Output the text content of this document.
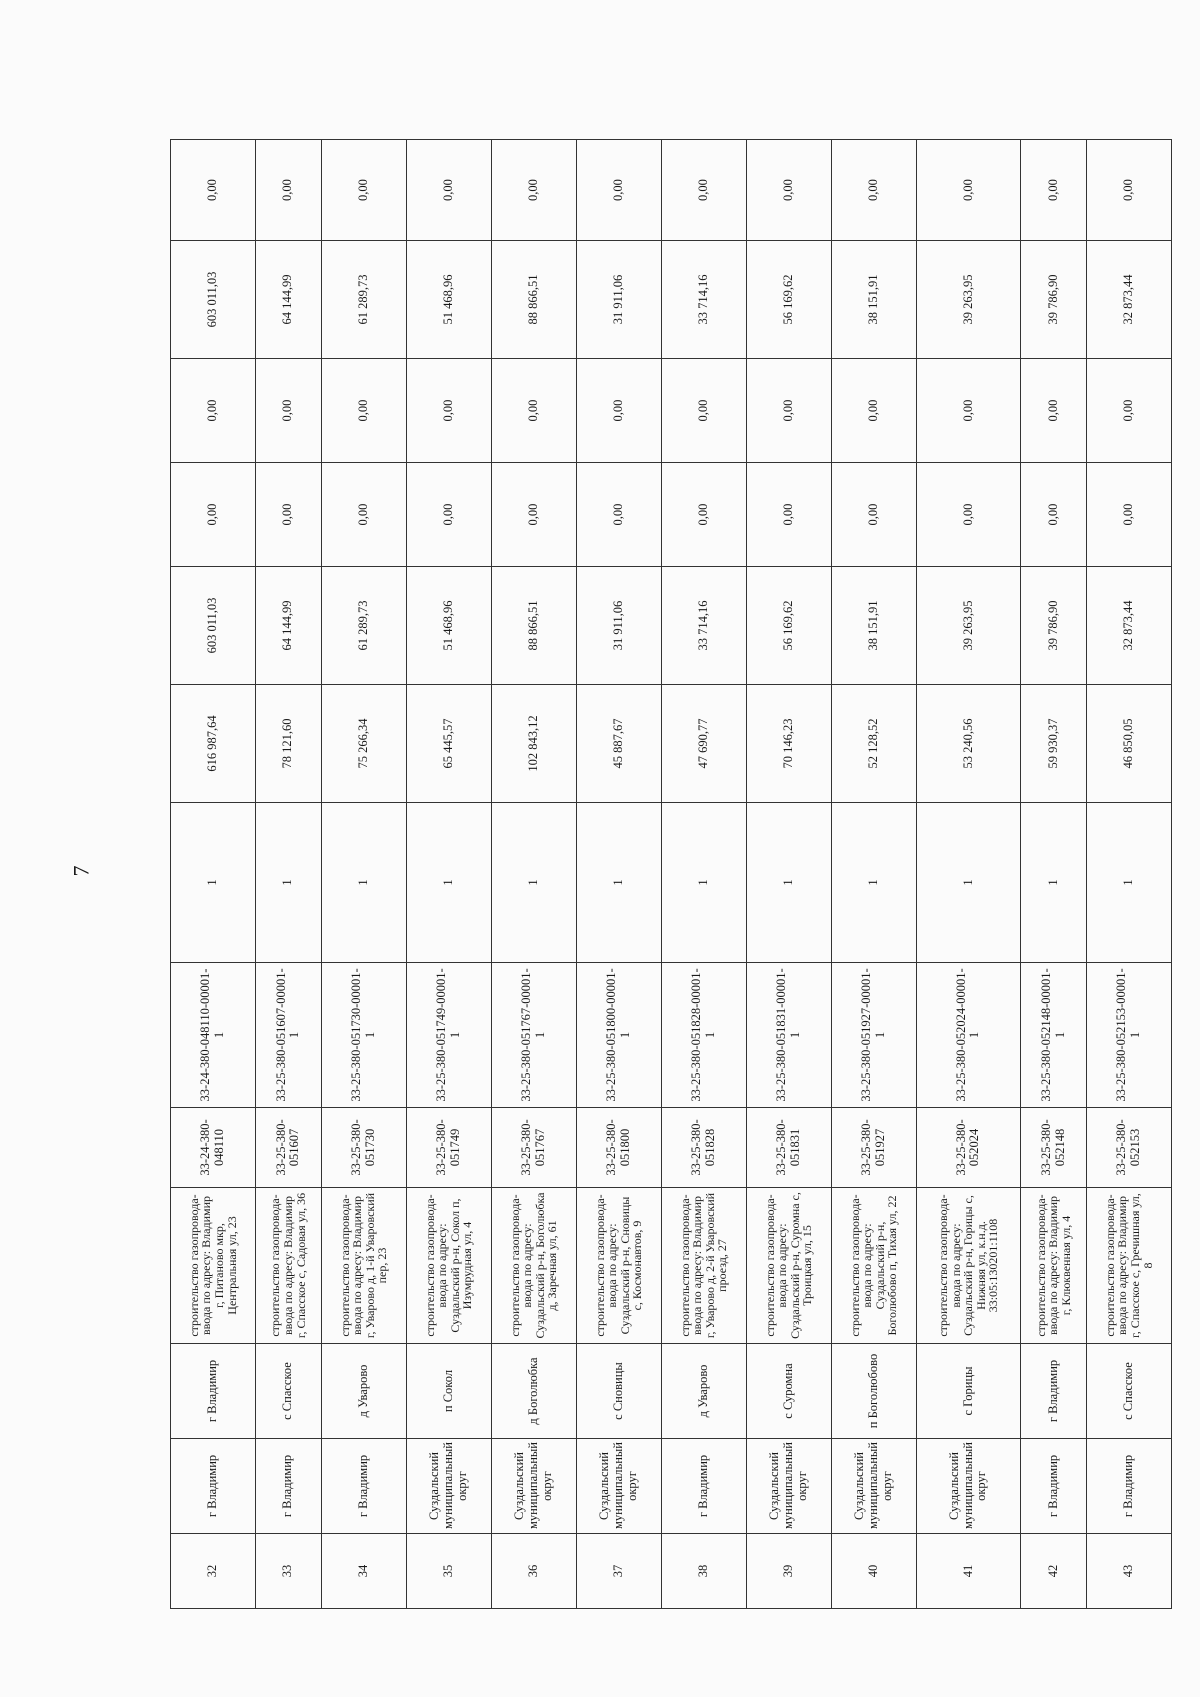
7
32	г Владимир	г Владимир	строительство газопровода-ввода по адресу: Владимир г, Питаново мкр, Центральная ул, 23	33-24-380-048110	33-24-380-048110-00001-1	1	616 987,64	603 011,03	0,00	0,00	603 011,03	0,00
33	г Владимир	с Спасское	строительство газопровода-ввода по адресу: Владимир г, Спасское с, Садовая ул, 36	33-25-380-051607	33-25-380-051607-00001-1	1	78 121,60	64 144,99	0,00	0,00	64 144,99	0,00
34	г Владимир	д Уварово	строительство газопровода-ввода по адресу: Владимир г, Уварово д, 1-й Уваровский пер, 23	33-25-380-051730	33-25-380-051730-00001-1	1	75 266,34	61 289,73	0,00	0,00	61 289,73	0,00
35	Суздальский муниципальный округ	п Сокол	строительство газопровода-ввода по адресу: Суздальский р-н, Сокол п, Изумрудная ул, 4	33-25-380-051749	33-25-380-051749-00001-1	1	65 445,57	51 468,96	0,00	0,00	51 468,96	0,00
36	Суздальский муниципальный округ	д Боголюбка	строительство газопровода-ввода по адресу: Суздальский р-н, Боголюбка д, Заречная ул, 61	33-25-380-051767	33-25-380-051767-00001-1	1	102 843,12	88 866,51	0,00	0,00	88 866,51	0,00
37	Суздальский муниципальный округ	с Сновицы	строительство газопровода-ввода по адресу: Суздальский р-н, Сновицы с, Космонавтов, 9	33-25-380-051800	33-25-380-051800-00001-1	1	45 887,67	31 911,06	0,00	0,00	31 911,06	0,00
38	г Владимир	д Уварово	строительство газопровода-ввода по адресу: Владимир г, Уварово д, 2-й Уваровский проезд, 27	33-25-380-051828	33-25-380-051828-00001-1	1	47 690,77	33 714,16	0,00	0,00	33 714,16	0,00
39	Суздальский муниципальный округ	с Суромна	строительство газопровода-ввода по адресу: Суздальский р-н, Суромна с, Троицкая ул, 15	33-25-380-051831	33-25-380-051831-00001-1	1	70 146,23	56 169,62	0,00	0,00	56 169,62	0,00
40	Суздальский муниципальный округ	п Боголюбово	строительство газопровода-ввода по адресу: Суздальский р-н, Боголюбово п, Тихая ул, 22	33-25-380-051927	33-25-380-051927-00001-1	1	52 128,52	38 151,91	0,00	0,00	38 151,91	0,00
41	Суздальский муниципальный округ	с Горицы	строительство газопровода-ввода по адресу: Суздальский р-н, Горицы с, Нижняя ул, к.н.д. 33:05:130201:1108	33-25-380-052024	33-25-380-052024-00001-1	1	53 240,56	39 263,95	0,00	0,00	39 263,95	0,00
42	г Владимир	г Владимир	строительство газопровода-ввода по адресу: Владимир г, Клюквенная ул, 4	33-25-380-052148	33-25-380-052148-00001-1	1	59 930,37	39 786,90	0,00	0,00	39 786,90	0,00
43	г Владимир	с Спасское	строительство газопровода-ввода по адресу: Владимир г, Спасское с, Гречишная ул, 8	33-25-380-052153	33-25-380-052153-00001-1	1	46 850,05	32 873,44	0,00	0,00	32 873,44	0,00
